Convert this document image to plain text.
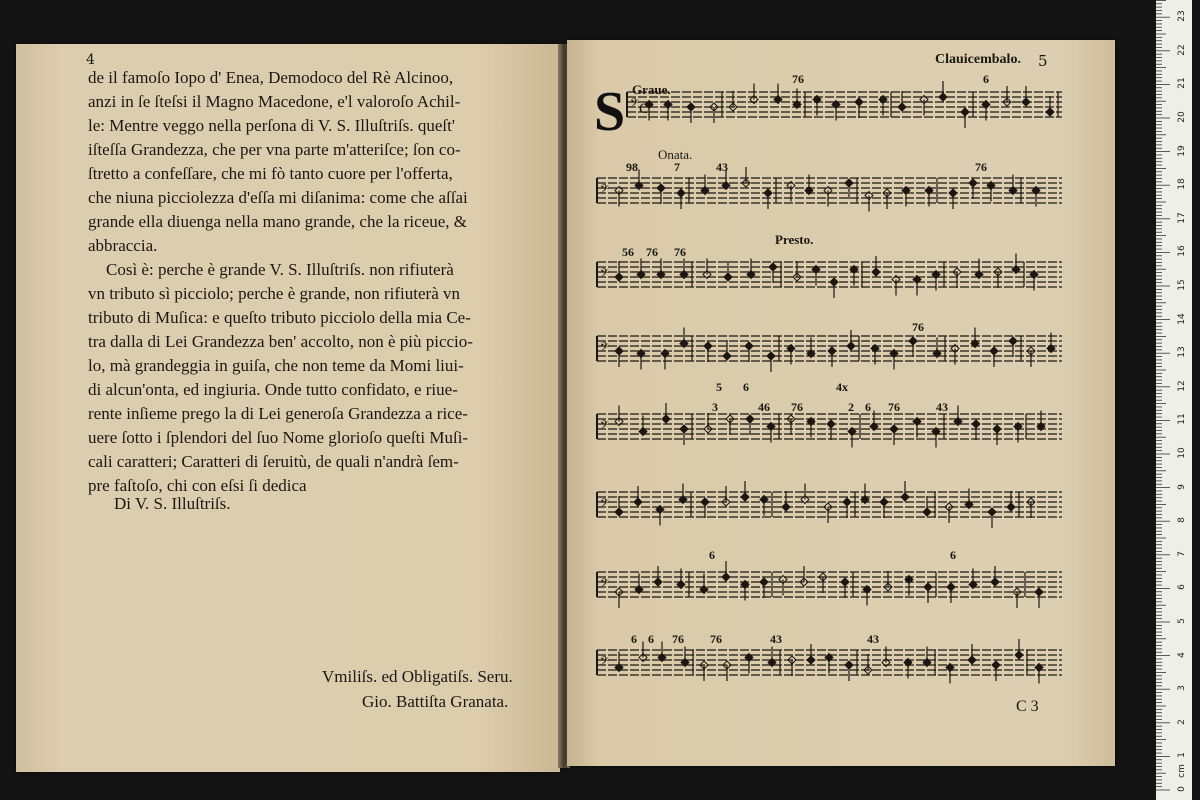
4

de il famoſo Iopo d' Enea, Demodoco del Rè Alcinoo,

anzi in ſe ſteſsi il Magno Macedone, e'l valoroſo Achil-

le: Mentre veggo nella perſona di V. S. Illuſtriſs. queſt'

iſteſſa Grandezza, che per vna parte m'atteriſce; ſon co-

ſtretto a confeſſare, che mi fò tanto cuore per l'offerta,

che niuna picciolezza d'eſſa mi diſanima: come che aſſai

grande ella diuenga nella mano grande, che la riceue, &

abbraccia.

Così è: perche è grande V. S. Illuſtriſs. non rifiuterà

vn tributo sì picciolo; perche è grande, non rifiuterà vn

tributo di Muſica: e queſto tributo picciolo della mia Ce-

tra dalla di Lei Grandezza ben' accolto, non è più piccio-

lo, mà grandeggia in guiſa, che non teme da Momi liui-

di alcun'onta, ed ingiuria. Onde tutto confidato, e riue-

rente inſieme prego la di Lei generoſa Grandezza a rice-

uere ſotto i ſplendori del ſuo Nome glorioſo queſti Muſi-

cali caratteri; Caratteri di ſeruitù, de quali n'andrà ſem-

pre faſtoſo, chi con eſsi ſi dedica

Di V. S. Illuſtriſs.
Vmiliſs. ed Obligatiſs. Seru.
Gio. Battiſta Granata.
Clauicembalo. 5
S Graue.
Onata.
Presto.
𝄢 C
𝄢
𝄢
𝄢
𝄢
𝄢
𝄢
𝄢
76	6
98	7	43	76
56 76 76
76
5 6	4x
3	4 6 76	2 6 76	43
6	6
6 6 76 76	43	43
C 3
0
1
2
3
4
5
6
7
8
9
10
11
12
13
14
15
16
17
18
19
20
21
22
23
cm
